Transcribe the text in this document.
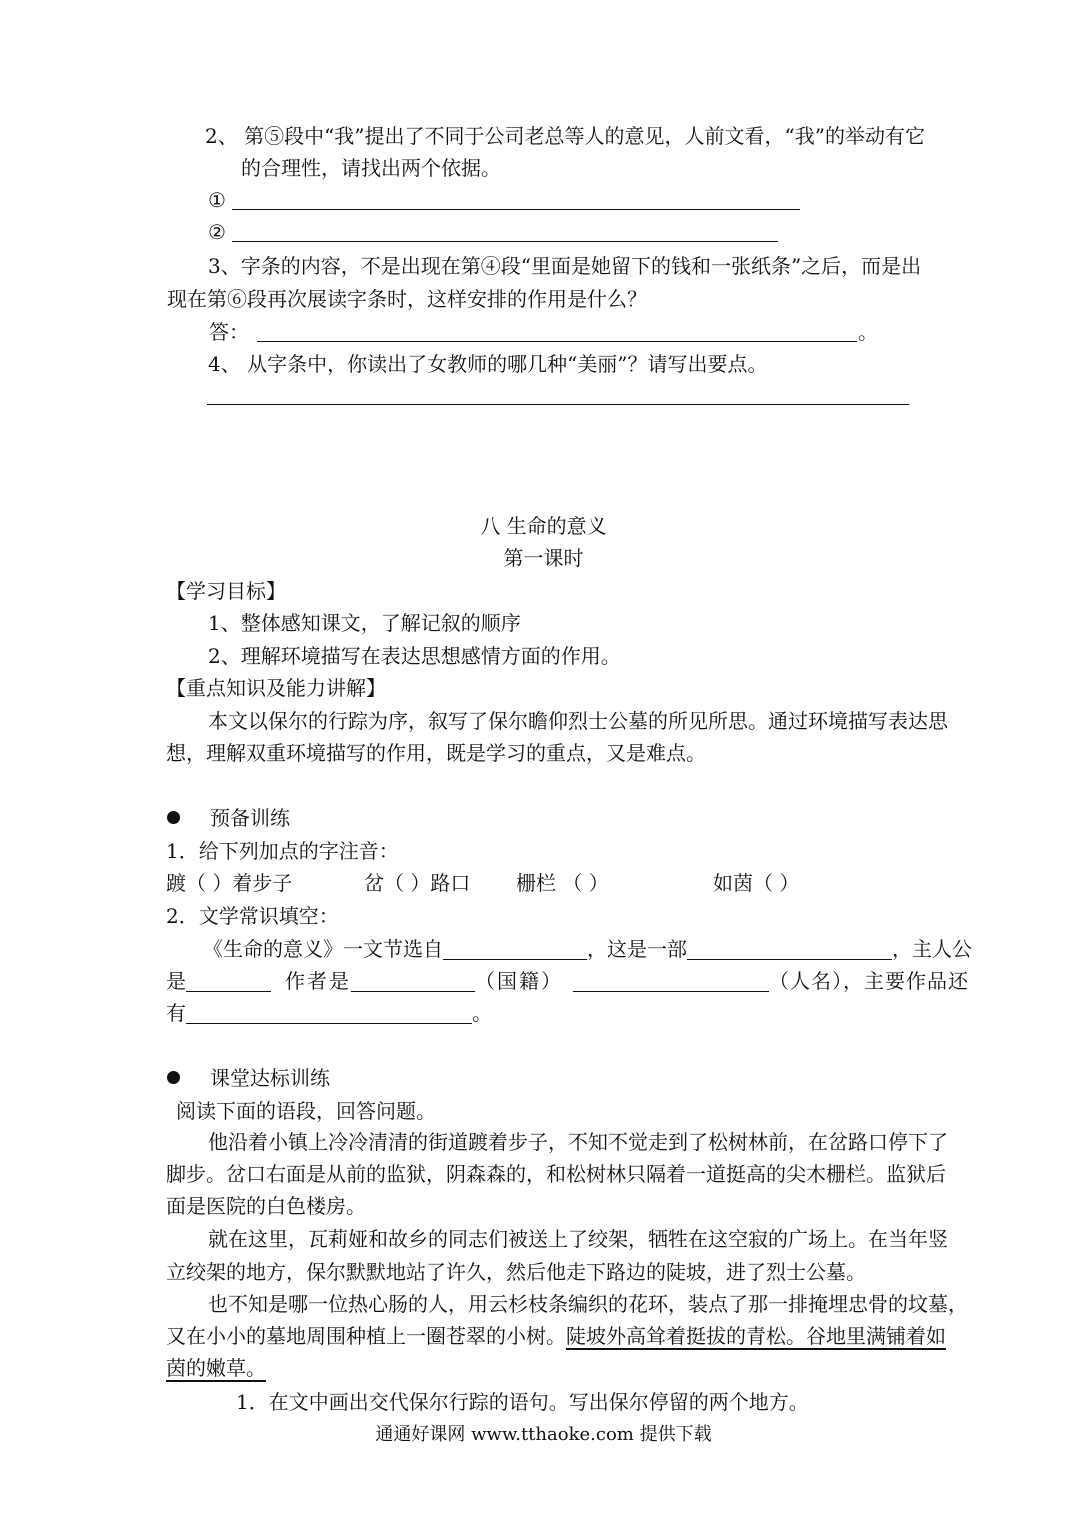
2、 第⑤段中“我”提出了不同于公司老总等人的意见，人前文看，“我”的举动有它
的合理性，请找出两个依据。
①
②
3、字条的内容，不是出现在第④段“里面是她留下的钱和一张纸条”之后，而是出
现在第⑥段再次展读字条时，这样安排的作用是什么？
答：	。
4、 从字条中，你读出了女教师的哪几种“美丽”？请写出要点。
八 生命的意义
第一课时
【学习目标】
1、整体感知课文，了解记叙的顺序
2、理解环境描写在表达思想感情方面的作用。
【重点知识及能力讲解】
本文以保尔的行踪为序，叙写了保尔瞻仰烈士公墓的所见所思。通过环境描写表达思
想，理解双重环境描写的作用，既是学习的重点，又是难点。
预备训练
1．给下列加点的字注音：
踱（ ）着步子	岔（ ）路口 栅栏 （ ）	如茵（ ）
2．文学常识填空：
《生命的意义》一文节选自	，这是一部	，主人公
是	作者是	（国籍）	（人名），主要作品还
有	。
课堂达标训练
阅读下面的语段，回答问题。
他沿着小镇上冷冷清清的街道踱着步子，不知不觉走到了松树林前，在岔路口停下了
脚步。岔口右面是从前的监狱，阴森森的，和松树林只隔着一道挺高的尖木栅栏。监狱后
面是医院的白色楼房。
就在这里，瓦莉娅和故乡的同志们被送上了绞架，牺牲在这空寂的广场上。在当年竖
立绞架的地方，保尔默默地站了许久，然后他走下路边的陡坡，进了烈士公墓。
也不知是哪一位热心肠的人，用云杉枝条编织的花环，装点了那一排掩埋忠骨的坟墓，
又在小小的墓地周围种植上一圈苍翠的小树。陡坡外高耸着挺拔的青松。谷地里满铺着如
茵的嫩草。
1．在文中画出交代保尔行踪的语句。写出保尔停留的两个地方。
通通好课网 www.tthaoke.com 提供下载
